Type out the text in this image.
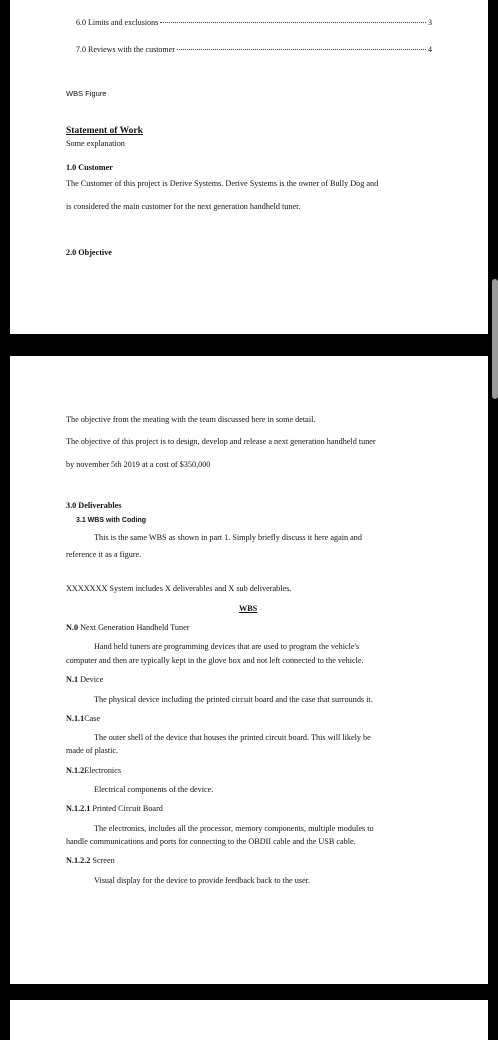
6.0 Limits and exclusions	3
7.0 Reviews with the customer	4
WBS Figure
Statement of Work
Some explanation
1.0 Customer
The Customer of this project is Derive Systems. Derive Systems is the owner of Bully Dog and
is considered the main customer for the next generation handheld tuner.
2.0 Objective
The objective from the meating with the team discussed here in some detail.
The objective of this project is to design, develop and release a next generation handheld tuner
by november 5th 2019 at a cost of $350,000
3.0 Deliverables
3.1 WBS with Coding
This is the same WBS as shown in part 1. Simply briefly discuss it here again and
reference it as a figure.
XXXXXXX System includes X deliverables and X sub deliverables.
WBS
N.0 Next Generation Handheld Tuner
Hand held tuners are programming devices that are used to program the vehicle's
computer and then are typically kept in the glove box and not left connected to the vehicle.
N.1 Device
The physical device including the printed circuit board and the case that surrounds it.
N.1.1Case
The outer shell of the device that houses the printed circuit board. This will likely be
made of plastic.
N.1.2Electronics
Electrical components of the device.
N.1.2.1 Printed Circuit Board
The electronics, includes all the processor, memory components, multiple modules to
handle communications and ports for connecting to the OBDII cable and the USB cable.
N.1.2.2 Screen
Visual display for the device to provide feedback back to the user.
